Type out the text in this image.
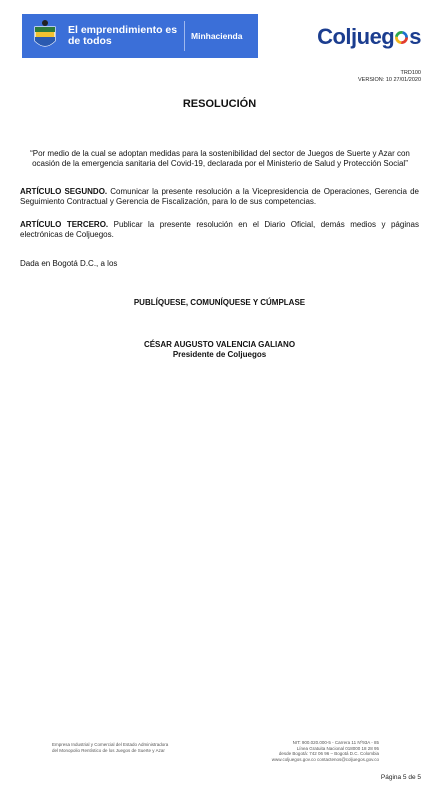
El emprendimiento es de todos	Minhacienda	Colj ueg s
TRD100
VERSION: 10 27/01/2020
RESOLUCIÓN
“Por medio de la cual se adoptan medidas para la sostenibilidad del sector de Juegos de Suerte y Azar con ocasión de la emergencia sanitaria del Covid-19, declarada por el Ministerio de Salud y Protección Social”
ARTÍCULO SEGUNDO. Comunicar la presente resolución a la Vicepresidencia de Operaciones, Gerencia de Seguimiento Contractual y Gerencia de Fiscalización, para lo de sus competencias.
ARTÍCULO TERCERO. Publicar la presente resolución en el Diario Oficial, demás medios y páginas electrónicas de Coljuegos.
Dada en Bogotá D.C., a los
PUBLÍQUESE, COMUNÍQUESE Y CÚMPLASE
CÉSAR AUGUSTO VALENCIA GALIANO
Presidente de Coljuegos
Empresa Industrial y Comercial del Estado Administradora
del Monopolio Rentístico de los Juegos de Suerte y Azar
NIT: 900.020.000-5 - Carrera 11 Nº93A - 85
Línea Gratuita Nacional 018000 18 28 95
desde Bogotá: 742 06 96 – Bogotá D.C. Colombia
www.coljuegos.gov.co contactenos@coljuegos.gov.co
Página 5 de 5
